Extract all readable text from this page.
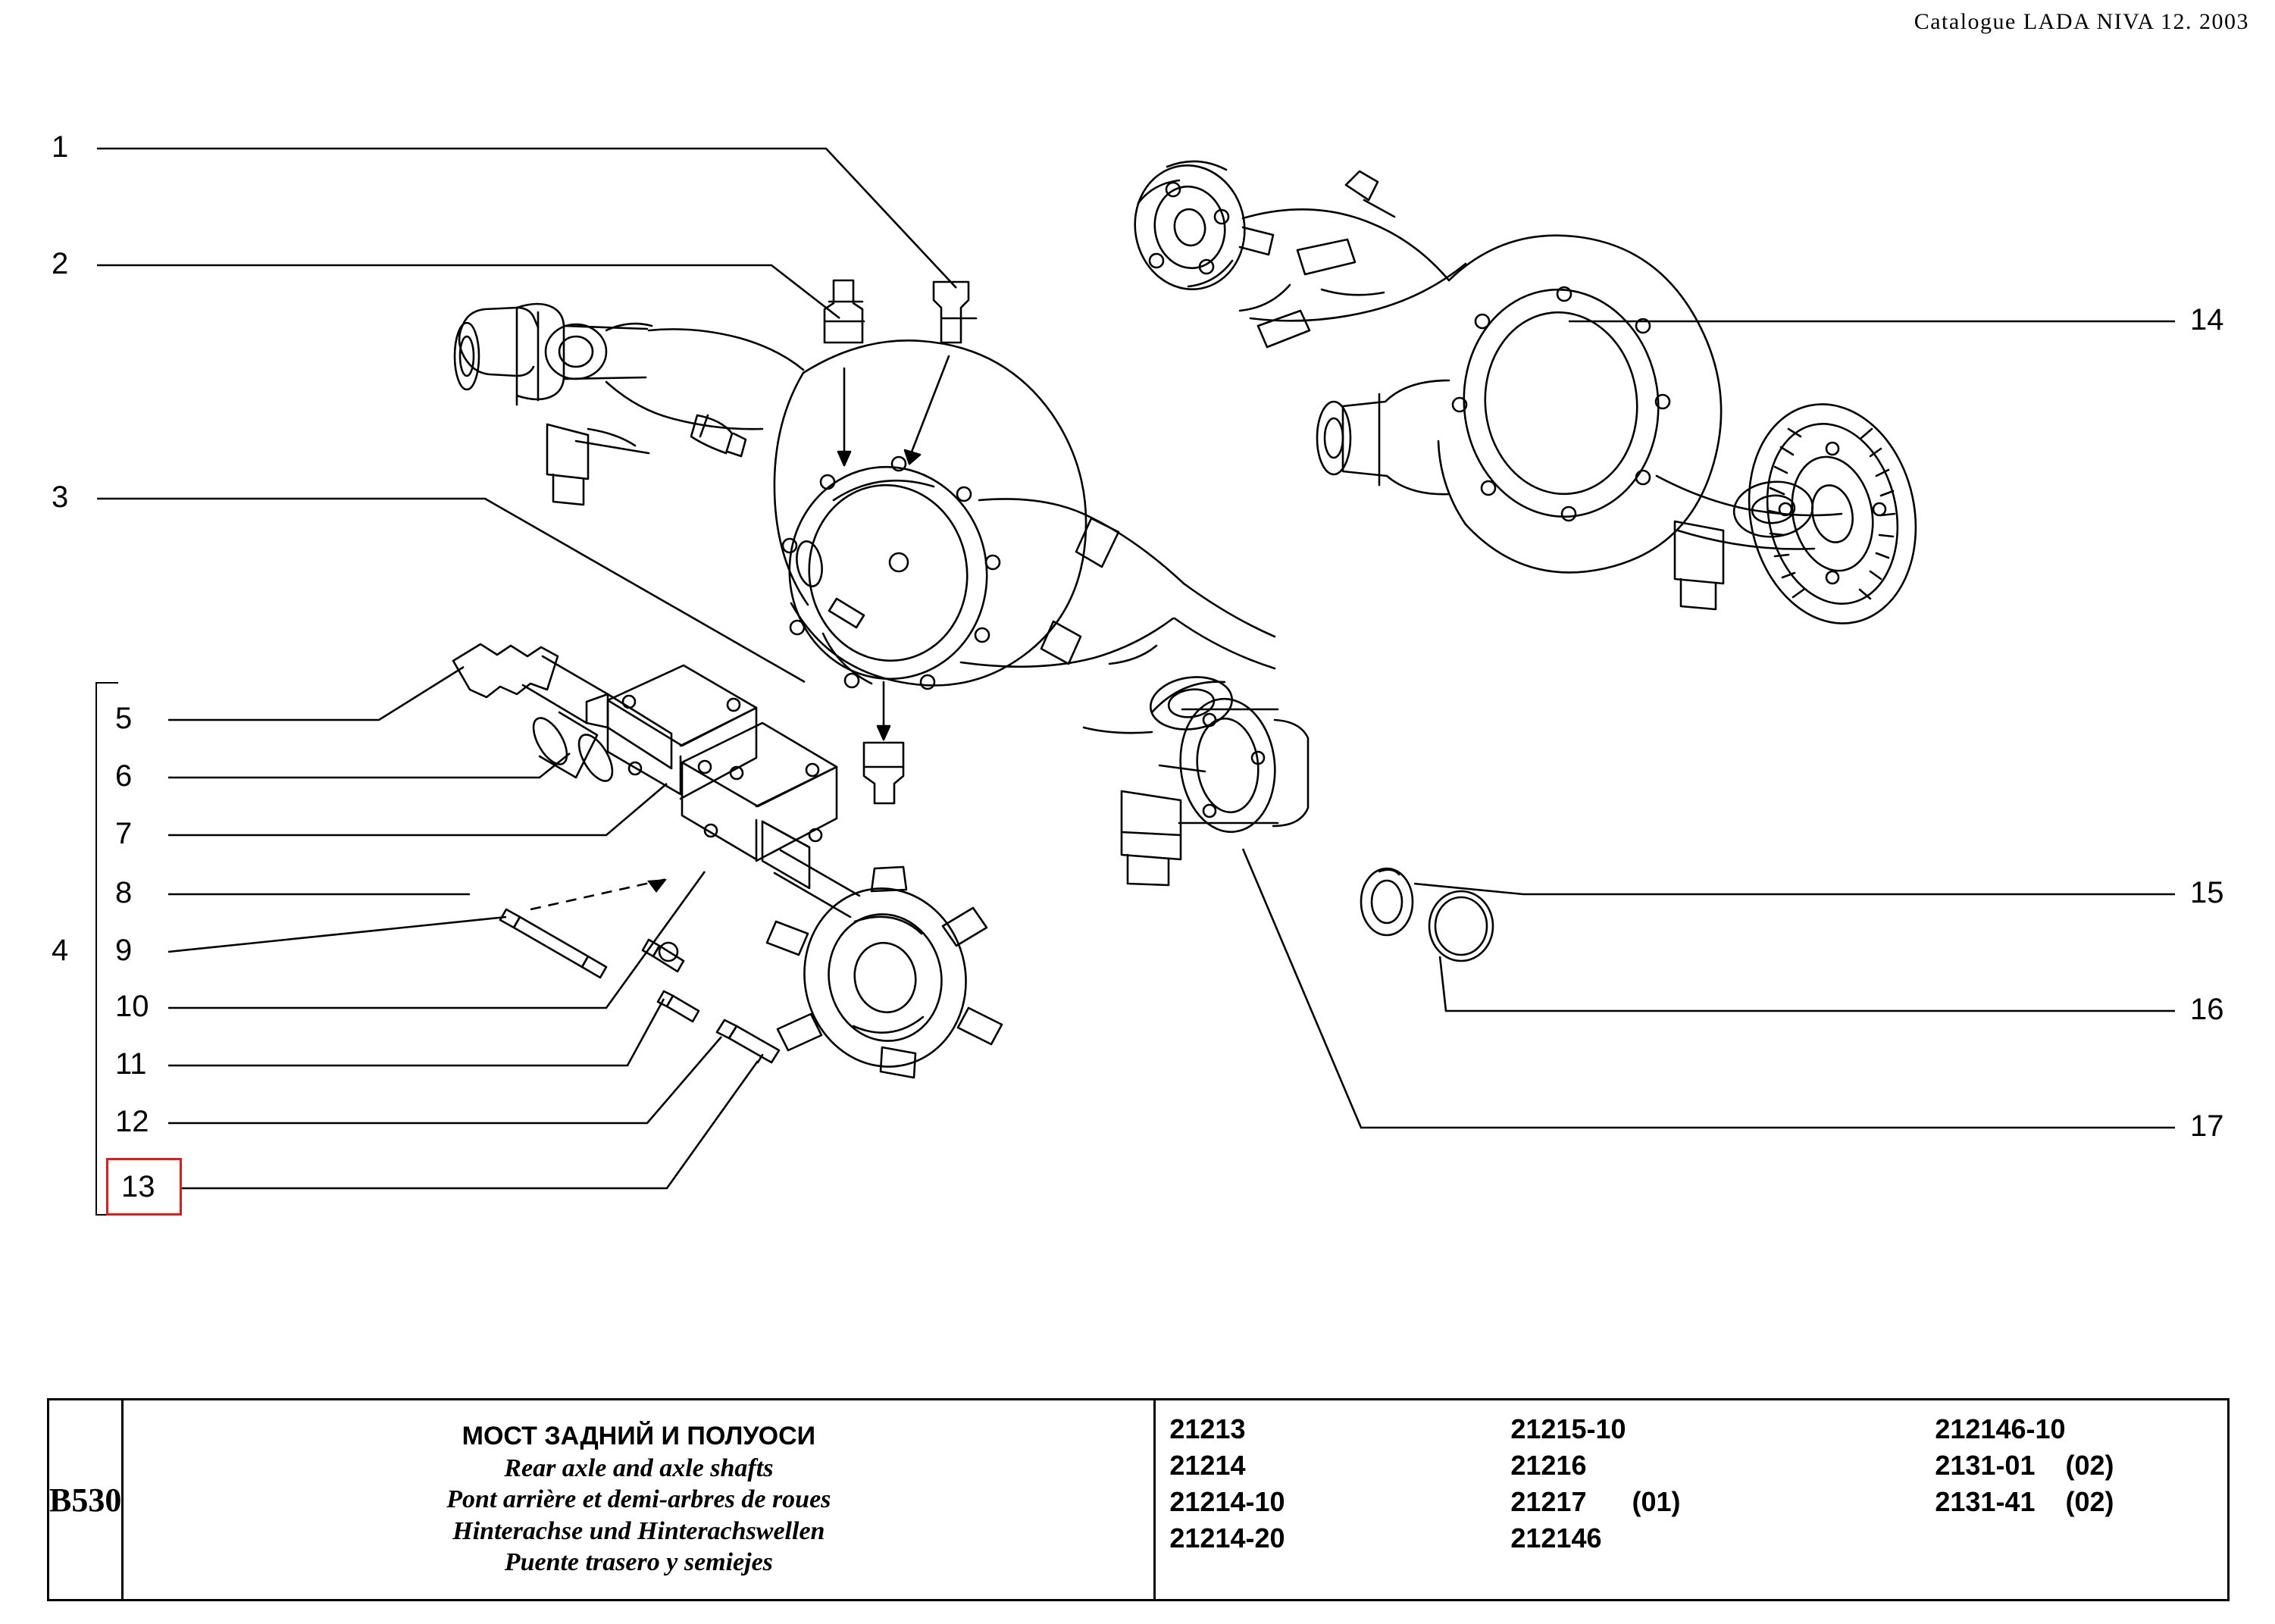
Catalogue LADA NIVA 12. 2003
1
2
3
4
5
6
7
8
9
10
11
12
13
14
15
16
17
B530
МОСТ ЗАДНИЙ И ПОЛУОСИ
Rear axle and axle shafts
Pont arrière et demi-arbres de roues
Hinterachse und Hinterachswellen
Puente trasero y semiejes
21213
21214
21214-10
21214-20
21215-10
21216
21217      (01)
212146
212146-10
2131-01    (02)
2131-41    (02)
